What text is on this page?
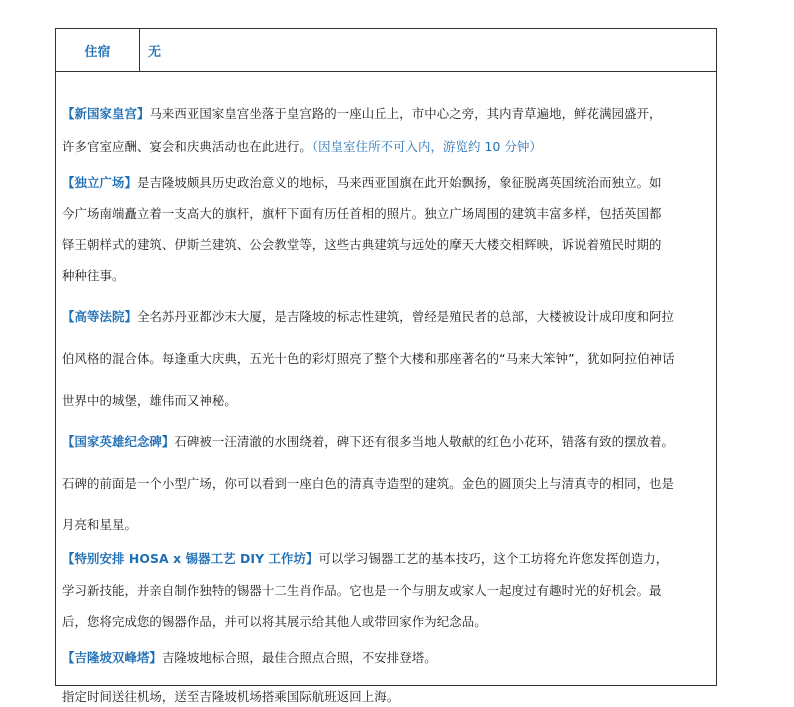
住宿	无
【新国家皇宫】马来西亚国家皇宫坐落于皇宫路的一座山丘上，市中心之旁，其内青草遍地，鲜花满园盛开，
许多官室应酬、宴会和庆典活动也在此进行。（因皇室住所不可入内，游览约 10 分钟）
【独立广场】是吉隆坡颇具历史政治意义的地标，马来西亚国旗在此开始飘扬，象征脱离英国统治而独立。如
今广场南端矗立着一支高大的旗杆，旗杆下面有历任首相的照片。独立广场周围的建筑丰富多样，包括英国都
铎王朝样式的建筑、伊斯兰建筑、公会教堂等，这些古典建筑与远处的摩天大楼交相辉映，诉说着殖民时期的
种种往事。
【高等法院】全名苏丹亚都沙末大厦，是吉隆坡的标志性建筑，曾经是殖民者的总部，大楼被设计成印度和阿拉
伯风格的混合体。每逢重大庆典，五光十色的彩灯照亮了整个大楼和那座著名的“马来大笨钟”，犹如阿拉伯神话
世界中的城堡，雄伟而又神秘。
【国家英雄纪念碑】石碑被一汪清澈的水围绕着，碑下还有很多当地人敬献的红色小花环，错落有致的摆放着。
石碑的前面是一个小型广场，你可以看到一座白色的清真寺造型的建筑。金色的圆顶尖上与清真寺的相同，也是
月亮和星星。
【特别安排 HOSA x 锡器工艺 DIY 工作坊】可以学习锡器工艺的基本技巧，这个工坊将允许您发挥创造力，
学习新技能，并亲自制作独特的锡器十二生肖作品。它也是一个与朋友或家人一起度过有趣时光的好机会。最
后，您将完成您的锡器作品，并可以将其展示给其他人或带回家作为纪念品。
【吉隆坡双峰塔】吉隆坡地标合照，最佳合照点合照，不安排登塔。
指定时间送往机场，送至吉隆坡机场搭乘国际航班返回上海。
